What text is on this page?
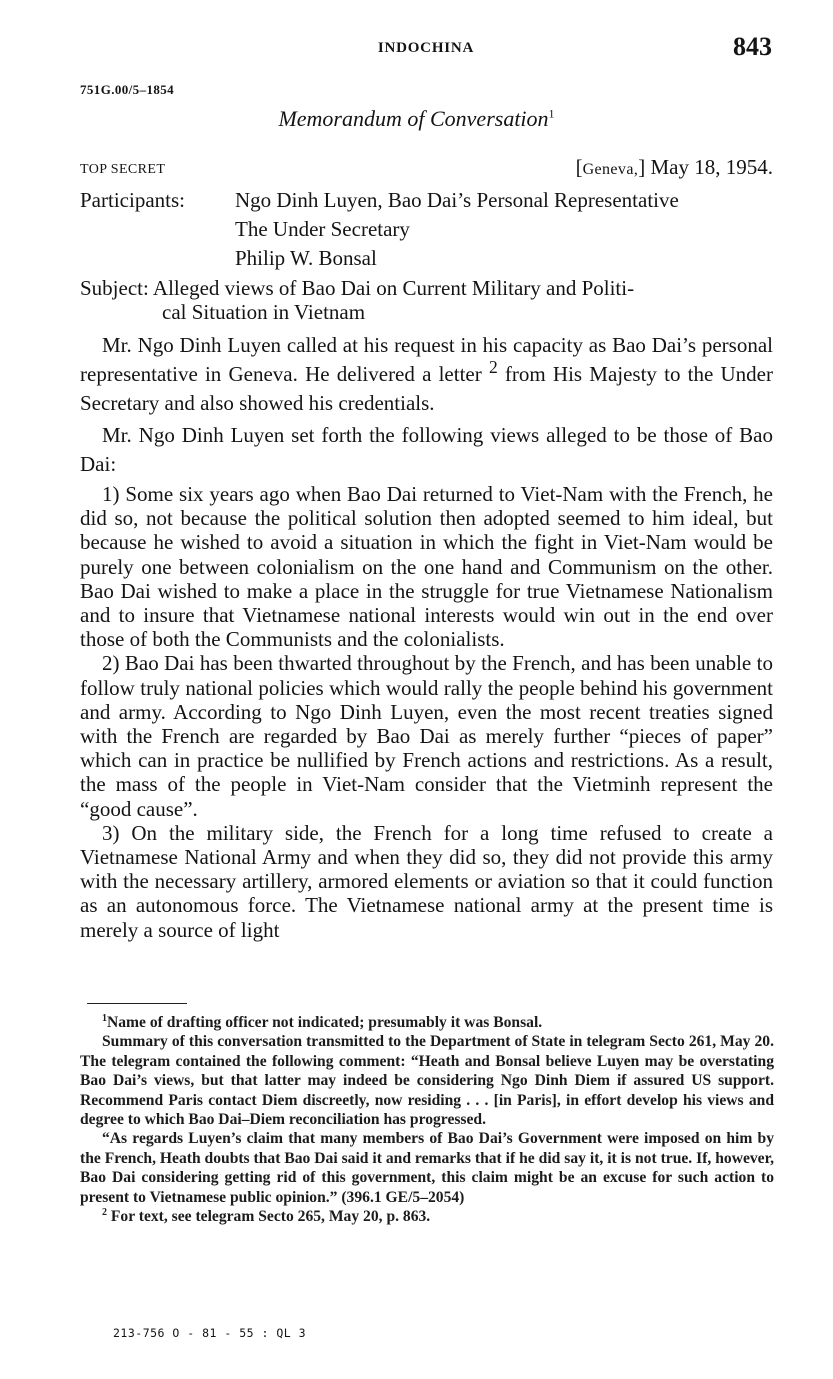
INDOCHINA	843
751G.00/5–1854
Memorandum of Conversation$^1$
TOP SECRET	[Geneva,] May 18, 1954.
Participants: Ngo Dinh Luyen, Bao Dai’s Personal Representative
The Under Secretary
Philip W. Bonsal
Subject: Alleged views of Bao Dai on Current Military and Politi-
cal Situation in Vietnam

Mr. Ngo Dinh Luyen called at his request in his capacity as Bao Dai’s personal representative in Geneva. He delivered a letter $^2$ from His Majesty to the Under Secretary and also showed his credentials.

Mr. Ngo Dinh Luyen set forth the following views alleged to be those of Bao Dai:

1) Some six years ago when Bao Dai returned to Viet-Nam with the French, he did so, not because the political solution then adopted seemed to him ideal, but because he wished to avoid a situation in which the fight in Viet-Nam would be purely one between colonialism on the one hand and Communism on the other. Bao Dai wished to make a place in the struggle for true Vietnamese Nationalism and to insure that Vietnamese national interests would win out in the end over those of both the Communists and the colonialists.

2) Bao Dai has been thwarted throughout by the French, and has been unable to follow truly national policies which would rally the people behind his government and army. According to Ngo Dinh Luyen, even the most recent treaties signed with the French are regarded by Bao Dai as merely further “pieces of paper” which can in practice be nullified by French actions and restrictions. As a result, the mass of the people in Viet-Nam consider that the Vietminh represent the “good cause”.

3) On the military side, the French for a long time refused to create a Vietnamese National Army and when they did so, they did not provide this army with the necessary artillery, armored elements or aviation so that it could function as an autonomous force. The Vietnamese national army at the present time is merely a source of light

$^1$Name of drafting officer not indicated; presumably it was Bonsal.

Summary of this conversation transmitted to the Department of State in telegram Secto 261, May 20. The telegram contained the following comment: “Heath and Bonsal believe Luyen may be overstating Bao Dai’s views, but that latter may indeed be considering Ngo Dinh Diem if assured US support. Recommend Paris contact Diem discreetly, now residing . . . [in Paris], in effort develop his views and degree to which Bao Dai–Diem reconciliation has progressed.

“As regards Luyen’s claim that many members of Bao Dai’s Government were imposed on him by the French, Heath doubts that Bao Dai said it and remarks that if he did say it, it is not true. If, however, Bao Dai considering getting rid of this government, this claim might be an excuse for such action to present to Vietnamese public opinion.” (396.1 GE/5–2054)

$^2$ For text, see telegram Secto 265, May 20, p. 863.

213-756 O - 81 - 55 : QL 3
